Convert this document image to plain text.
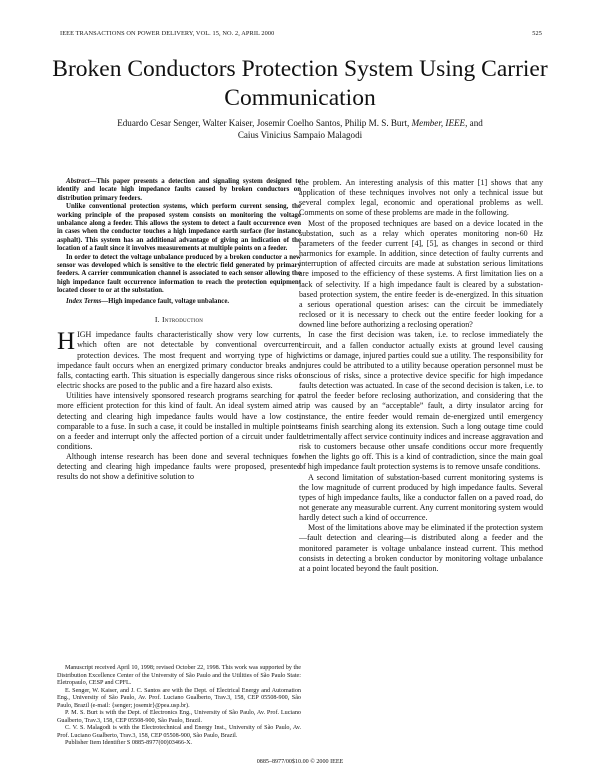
IEEE TRANSACTIONS ON POWER DELIVERY, VOL. 15, NO. 2, APRIL 2000	525
Broken Conductors Protection System Using Carrier
Communication

Eduardo Cesar Senger, Walter Kaiser, Josemir Coelho Santos, Philip M. S. Burt, Member, IEEE, and
Caius Vinicius Sampaio Malagodi

Abstract—This paper presents a detection and signaling system designed to identify and locate high impedance faults caused by broken conductors on distribution primary feeders.

Unlike conventional protection systems, which perform current sensing, the working principle of the proposed system consists on monitoring the voltage unbalance along a feeder. This allows the system to detect a fault occurrence even in cases when the conductor touches a high impedance earth surface (for instance asphalt). This system has an additional advantage of giving an indication of the location of a fault since it involves measurements at multiple points on a feeder.

In order to detect the voltage unbalance produced by a broken conductor a new sensor was developed which is sensitive to the electric field generated by primary feeders. A carrier communication channel is associated to each sensor allowing the high impedance fault occurrence information to reach the protection equipment located closer to or at the substation.

Index Terms—High impedance fault, voltage unbalance.

I. Introduction

HIGH impedance faults characteristically show very low currents, which often are not detectable by conventional overcurrent protection devices. The most frequent and worrying type of high impedance fault occurs when an energized primary conductor breaks and falls, contacting earth. This situation is especially dangerous since risks of electric shocks are posed to the public and a fire hazard also exists.

Utilities have intensively sponsored research programs searching for a more efficient protection for this kind of fault. An ideal system aimed at detecting and clearing high impedance faults would have a low cost, comparable to a fuse. In such a case, it could be installed in multiple points on a feeder and interrupt only the affected portion of a circuit under fault conditions.

Although intense research has been done and several techniques for detecting and clearing high impedance faults were proposed, presented results do not show a definitive solution to

the problem. An interesting analysis of this matter [1] shows that any application of these techniques involves not only a technical issue but several complex legal, economic and operational problems as well. Comments on some of these problems are made in the following.

Most of the proposed techniques are based on a device located in the substation, such as a relay which operates monitoring non-60 Hz parameters of the feeder current [4], [5], as changes in second or third harmonics for example. In addition, since detection of faulty currents and interruption of affected circuits are made at substation serious limitations are imposed to the efficiency of these systems. A first limitation lies on a lack of selectivity. If a high impedance fault is cleared by a substation-based protection system, the entire feeder is de-energized. In this situation a serious operational question arises: can the circuit be immediately reclosed or it is necessary to check out the entire feeder looking for a downed line before authorizing a reclosing operation?

In case the first decision was taken, i.e. to reclose immediately the circuit, and a fallen conductor actually exists at ground level causing victims or damage, injured parties could sue a utility. The responsibility for injures could be attributed to a utility because operation personnel must be conscious of risks, since a protective device specific for high impedance faults detection was actuated. In case of the second decision is taken, i.e. to patrol the feeder before reclosing authorization, and considering that the trip was caused by an “acceptable” fault, a dirty insulator arcing for instance, the entire feeder would remain de-energized until emergency teams finish searching along its extension. Such a long outage time could detrimentally affect service continuity indices and increase aggravation and risk to customers because other unsafe conditions occur more frequently when the lights go off. This is a kind of contradiction, since the main goal of high impedance fault protection systems is to remove unsafe conditions.

A second limitation of substation-based current monitoring systems is the low magnitude of current produced by high impedance faults. Several types of high impedance faults, like a conductor fallen on a paved road, do not generate any measurable current. Any current monitoring system would hardly detect such a kind of occurrence.

Most of the limitations above may be eliminated if the protection system—fault detection and clearing—is distributed along a feeder and the monitored parameter is voltage unbalance instead current. This method consists in detecting a broken conductor by monitoring voltage unbalance at a point located beyond the fault position.

Manuscript received April 10, 1998; revised October 22, 1998. This work was supported by the Distribution Excellence Center of the University of São Paulo and the Utilities of São Paulo State: Eletropaulo, CESP and CPFL.

E. Senger, W. Kaiser, and J. C. Santos are with the Dept. of Electrical Energy and Automation Eng., University of São Paulo, Av. Prof. Luciano Gualberto, Trav.3, 158, CEP 05508-900, São Paulo, Brazil (e-mail: {senger; josemir}@pea.usp.br).

P. M. S. Burt is with the Dept. of Electronics Eng., University of São Paulo, Av. Prof. Luciano Gualberto, Trav.3, 158, CEP 05508-900, São Paulo, Brazil.

C. V. S. Malagodi is with the Electrotechnical and Energy Inst., University of São Paulo, Av. Prof. Luciano Gualberto, Trav.3, 158, CEP 05508-900, São Paulo, Brazil.

Publisher Item Identifier S 0885-8977(00)03466-X.

0885–8977/00$10.00 © 2000 IEEE
